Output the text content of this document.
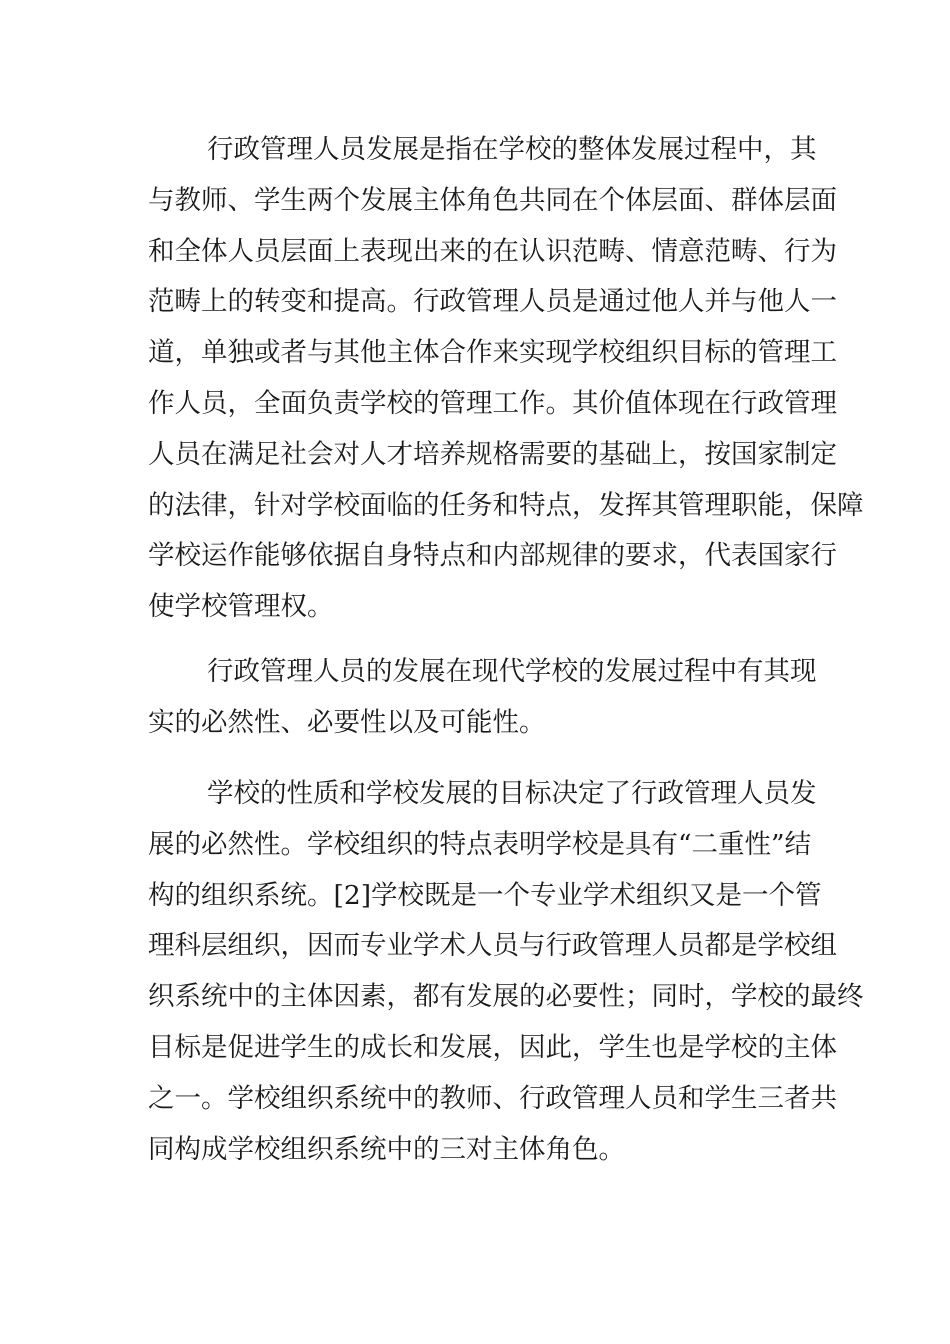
行政管理人员发展是指在学校的整体发展过程中，其
与教师、学生两个发展主体角色共同在个体层面、群体层面
和全体人员层面上表现出来的在认识范畴、情意范畴、行为
范畴上的转变和提高。行政管理人员是通过他人并与他人一
道，单独或者与其他主体合作来实现学校组织目标的管理工
作人员，全面负责学校的管理工作。其价值体现在行政管理
人员在满足社会对人才培养规格需要的基础上，按国家制定
的法律，针对学校面临的任务和特点，发挥其管理职能，保障
学校运作能够依据自身特点和内部规律的要求，代表国家行
使学校管理权。
行政管理人员的发展在现代学校的发展过程中有其现
实的必然性、必要性以及可能性。
学校的性质和学校发展的目标决定了行政管理人员发
展的必然性。学校组织的特点表明学校是具有“二重性”结
构的组织系统。[2]学校既是一个专业学术组织又是一个管
理科层组织，因而专业学术人员与行政管理人员都是学校组
织系统中的主体因素，都有发展的必要性；同时，学校的最终
目标是促进学生的成长和发展，因此，学生也是学校的主体
之一。学校组织系统中的教师、行政管理人员和学生三者共
同构成学校组织系统中的三对主体角色。
